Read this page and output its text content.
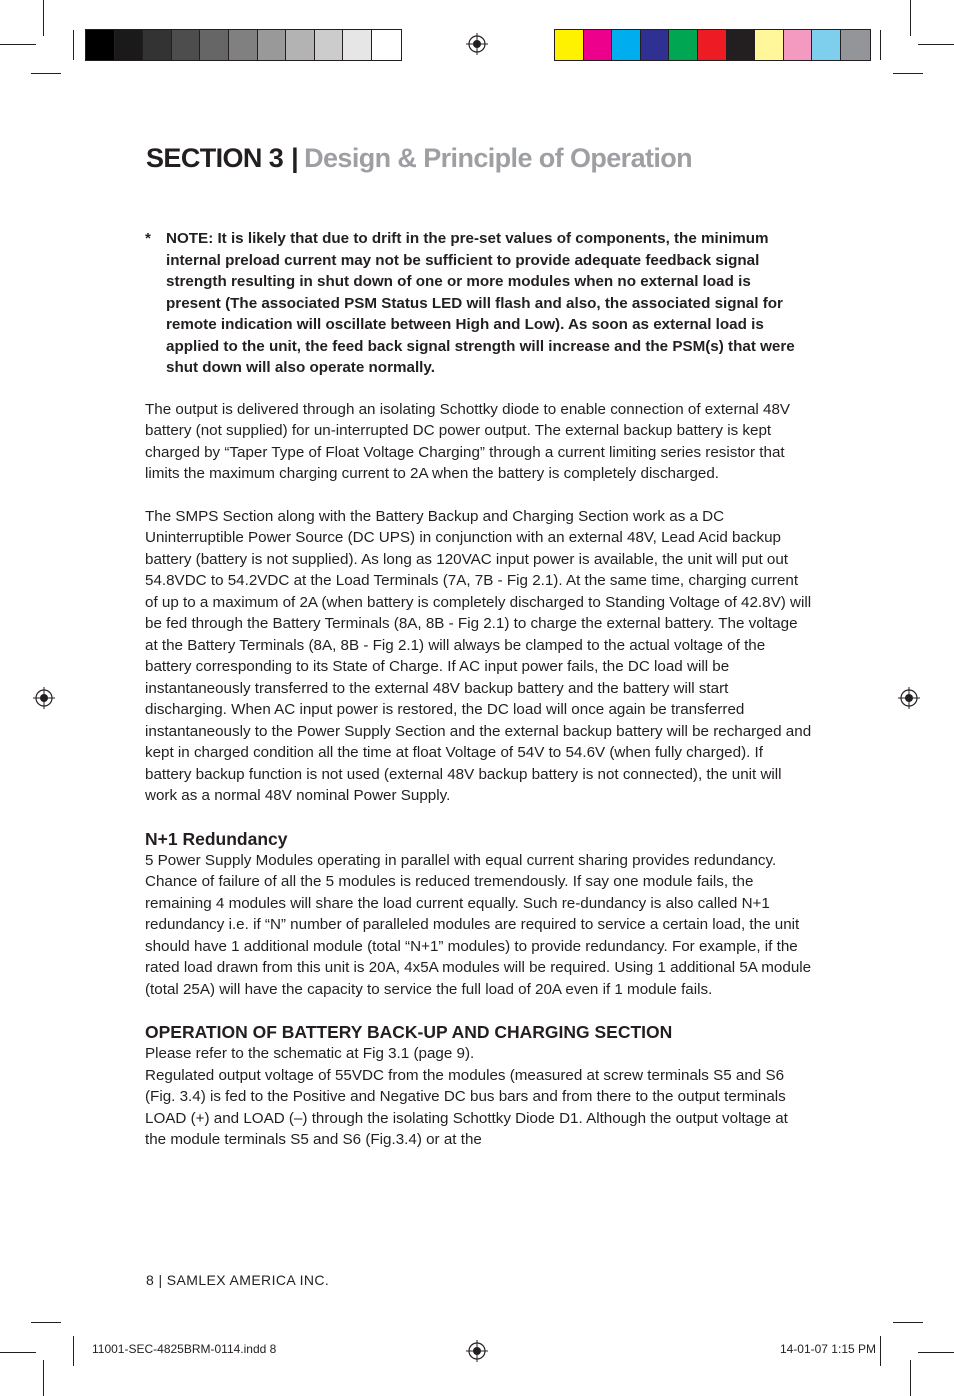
SECTION 3 | Design & Principle of Operation
* NOTE: It is likely that due to drift in the pre-set values of components, the minimum internal preload current may not be sufficient to provide adequate feedback signal strength resulting in shut down of one or more modules when no external load is present (The associated PSM Status LED will flash and also, the associated signal for remote indication will oscillate between High and Low). As soon as external load is applied to the unit, the feed back signal strength will increase and the PSM(s) that were shut down will also operate normally.

The output is delivered through an isolating Schottky diode to enable connection of external 48V battery (not supplied) for un-interrupted DC power output. The external backup battery is kept charged by “Taper Type of Float Voltage Charging” through a current limiting series resistor that limits the maximum charging current to 2A when the battery is completely discharged.

The SMPS Section along with the Battery Backup and Charging Section work as a DC Uninterruptible Power Source (DC UPS) in conjunction with an external 48V, Lead Acid backup battery (battery is not supplied). As long as 120VAC input power is available, the unit will put out 54.8VDC to 54.2VDC at the Load Terminals (7A, 7B - Fig 2.1). At the same time, charging current of up to a maximum of 2A (when battery is completely discharged to Standing Voltage of 42.8V) will be fed through the Battery Terminals (8A, 8B - Fig 2.1) to charge the external battery. The voltage at the Battery Terminals (8A, 8B - Fig 2.1) will always be clamped to the actual voltage of the battery corresponding to its State of Charge. If AC input power fails, the DC load will be instantaneously transferred to the external 48V backup battery and the battery will start discharging. When AC input power is restored, the DC load will once again be transferred instantaneously to the Power Supply Section and the external backup battery will be recharged and kept in charged condition all the time at float Voltage of 54V to 54.6V (when fully charged). If battery backup function is not used (external 48V backup battery is not connected), the unit will work as a normal 48V nominal Power Supply.

N+1 Redundancy

5 Power Supply Modules operating in parallel with equal current sharing provides redundancy. Chance of failure of all the 5 modules is reduced tremendously. If say one module fails, the remaining 4 modules will share the load current equally. Such re-dundancy is also called N+1 redundancy i.e. if “N” number of paralleled modules are required to service a certain load, the unit should have 1 additional module (total “N+1” modules) to provide redundancy. For example, if the rated load drawn from this unit is 20A, 4x5A modules will be required. Using 1 additional 5A module (total 25A) will have the capacity to service the full load of 20A even if 1 module fails.

OPERATION OF BATTERY BACK-UP AND CHARGING SECTION

Please refer to the schematic at Fig 3.1 (page 9).

Regulated output voltage of 55VDC from the modules (measured at screw terminals S5 and S6 (Fig. 3.4) is fed to the Positive and Negative DC bus bars and from there to the output terminals LOAD (+) and LOAD (–) through the isolating Schottky Diode D1. Although the output voltage at the module terminals S5 and S6 (Fig.3.4) or at the

8 | SAMLEX AMERICA INC.
11001-SEC-4825BRM-0114.indd 8	14-01-07 1:15 PM
